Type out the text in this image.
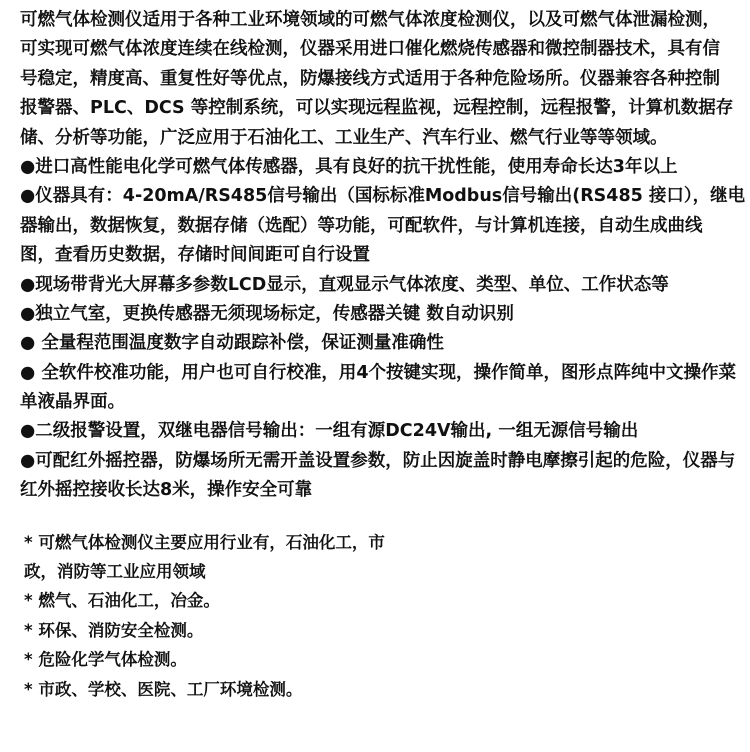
可燃气体检测仪适用于各种工业环境领域的可燃气体浓度检测仪，以及可燃气体泄漏检测，
可实现可燃气体浓度连续在线检测，仪器采用进口催化燃烧传感器和微控制器技术，具有信
号稳定，精度高、重复性好等优点，防爆接线方式适用于各种危险场所。仪器兼容各种控制
报警器、PLC、DCS 等控制系统，可以实现远程监视，远程控制，远程报警，计算机数据存
储、分析等功能，广泛应用于石油化工、工业生产、汽车行业、燃气行业等等领域。
●进口高性能电化学可燃气体传感器，具有良好的抗干扰性能，使用寿命长达3年以上
●仪器具有：4-20mA/RS485信号输出（国标标准Modbus信号输出(RS485 接口），继电
器输出，数据恢复，数据存储（选配）等功能，可配软件，与计算机连接，自动生成曲线
图，查看历史数据，存储时间间距可自行设置
●现场带背光大屏幕多参数LCD显示，直观显示气体浓度、类型、单位、工作状态等
●独立气室，更换传感器无须现场标定，传感器关键 数自动识别
● 全量程范围温度数字自动跟踪补偿，保证测量准确性
● 全软件校准功能，用户也可自行校准，用4个按键实现，操作简单，图形点阵纯中文操作菜
单液晶界面。
●二级报警设置，双继电器信号输出：一组有源DC24V输出, 一组无源信号输出
●可配红外摇控器，防爆场所无需开盖设置参数，防止因旋盖时静电摩擦引起的危险，仪器与
红外摇控接收长达8米，操作安全可靠
* 可燃气体检测仪主要应用行业有，石油化工，市
政，消防等工业应用领域
* 燃气、石油化工，冶金。
* 环保、消防安全检测。
* 危险化学气体检测。
* 市政、学校、医院、工厂环境检测。
